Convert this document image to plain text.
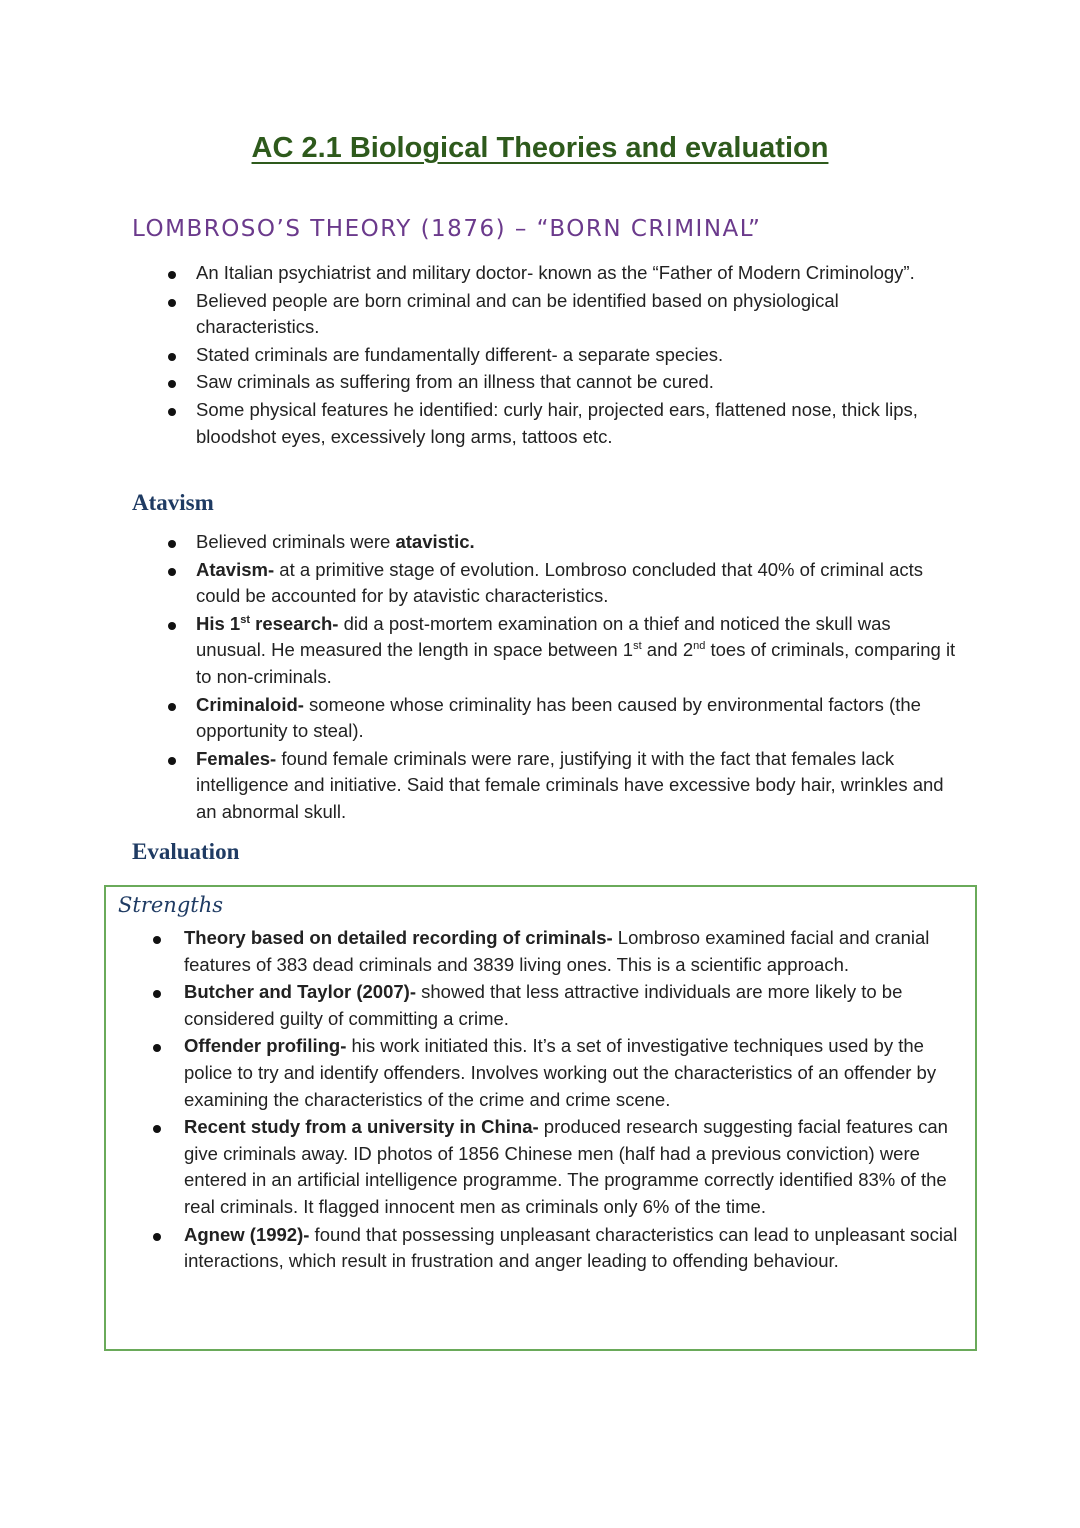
AC 2.1 Biological Theories and evaluation
LOMBROSO’S THEORY (1876) – “BORN CRIMINAL”
An Italian psychiatrist and military doctor- known as the “Father of Modern Criminology”.
Believed people are born criminal and can be identified based on physiological characteristics.
Stated criminals are fundamentally different- a separate species.
Saw criminals as suffering from an illness that cannot be cured.
Some physical features he identified: curly hair, projected ears, flattened nose, thick lips, bloodshot eyes, excessively long arms, tattoos etc.
Atavism
Believed criminals were atavistic.
Atavism- at a primitive stage of evolution. Lombroso concluded that 40% of criminal acts could be accounted for by atavistic characteristics.
His 1st research- did a post-mortem examination on a thief and noticed the skull was unusual. He measured the length in space between 1st and 2nd toes of criminals, comparing it to non-criminals.
Criminaloid- someone whose criminality has been caused by environmental factors (the opportunity to steal).
Females- found female criminals were rare, justifying it with the fact that females lack intelligence and initiative. Said that female criminals have excessive body hair, wrinkles and an abnormal skull.
Evaluation
Strengths
Theory based on detailed recording of criminals- Lombroso examined facial and cranial features of 383 dead criminals and 3839 living ones. This is a scientific approach.
Butcher and Taylor (2007)- showed that less attractive individuals are more likely to be considered guilty of committing a crime.
Offender profiling- his work initiated this. It’s a set of investigative techniques used by the police to try and identify offenders. Involves working out the characteristics of an offender by examining the characteristics of the crime and crime scene.
Recent study from a university in China- produced research suggesting facial features can give criminals away. ID photos of 1856 Chinese men (half had a previous conviction) were entered in an artificial intelligence programme. The programme correctly identified 83% of the real criminals. It flagged innocent men as criminals only 6% of the time.
Agnew (1992)- found that possessing unpleasant characteristics can lead to unpleasant social interactions, which result in frustration and anger leading to offending behaviour.
